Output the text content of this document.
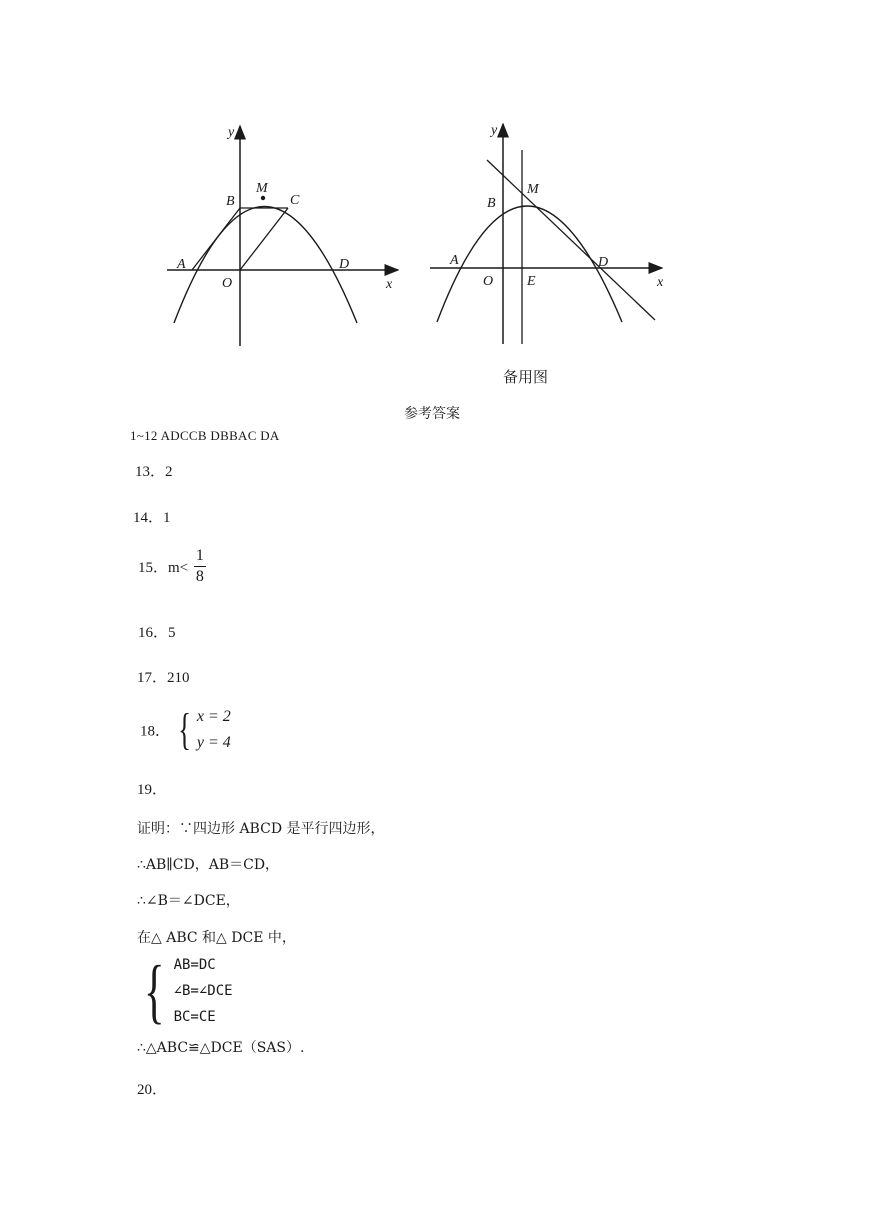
y
x
M
B	C
A
O
D
y
x
M
B
A
O E
D
备用图
参考答案
1~12 ADCCB DBBAC DA
13．2
14．1
15．$m< \frac{1}{8}$
16．5
17．210
18． { x = 2
y = 4
19．
证明：∵四边形 ABCD 是平行四边形，
∴AB∥CD，AB＝CD，
∴∠B＝∠DCE，
在△ ABC 和△ DCE 中，
{ AB=DC
∠B=∠DCE
BC=CE
∴△ABC≌△DCE（SAS）.
20．
